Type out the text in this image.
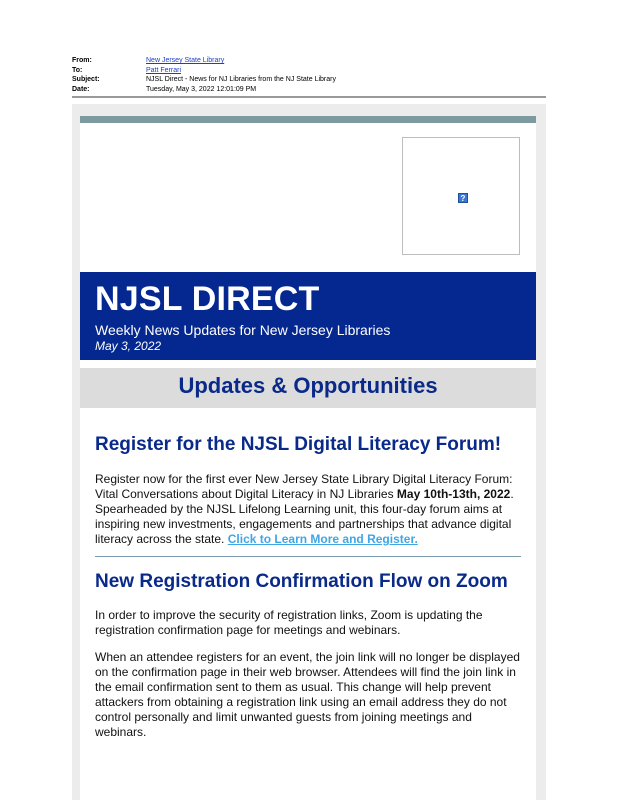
From:	New Jersey State Library
To:	Patt Ferrari
Subject:	NJSL Direct - News for NJ Libraries from the NJ State Library
Date:	Tuesday, May 3, 2022 12:01:09 PM
?
NJSL DIRECT
Weekly News Updates for New Jersey Libraries
May 3, 2022
Updates & Opportunities
Register for the NJSL Digital Literacy Forum!
Register now for the first ever New Jersey State Library Digital Literacy Forum: Vital Conversations about Digital Literacy in NJ Libraries May 10th-13th, 2022. Spearheaded by the NJSL Lifelong Learning unit, this four-day forum aims at inspiring new investments, engagements and partnerships that advance digital literacy across the state. Click to Learn More and Register.
New Registration Confirmation Flow on Zoom
In order to improve the security of registration links, Zoom is updating the registration confirmation page for meetings and webinars.
When an attendee registers for an event, the join link will no longer be displayed on the confirmation page in their web browser. Attendees will find the join link in the email confirmation sent to them as usual. This change will help prevent attackers from obtaining a registration link using an email address they do not control personally and limit unwanted guests from joining meetings and webinars.
